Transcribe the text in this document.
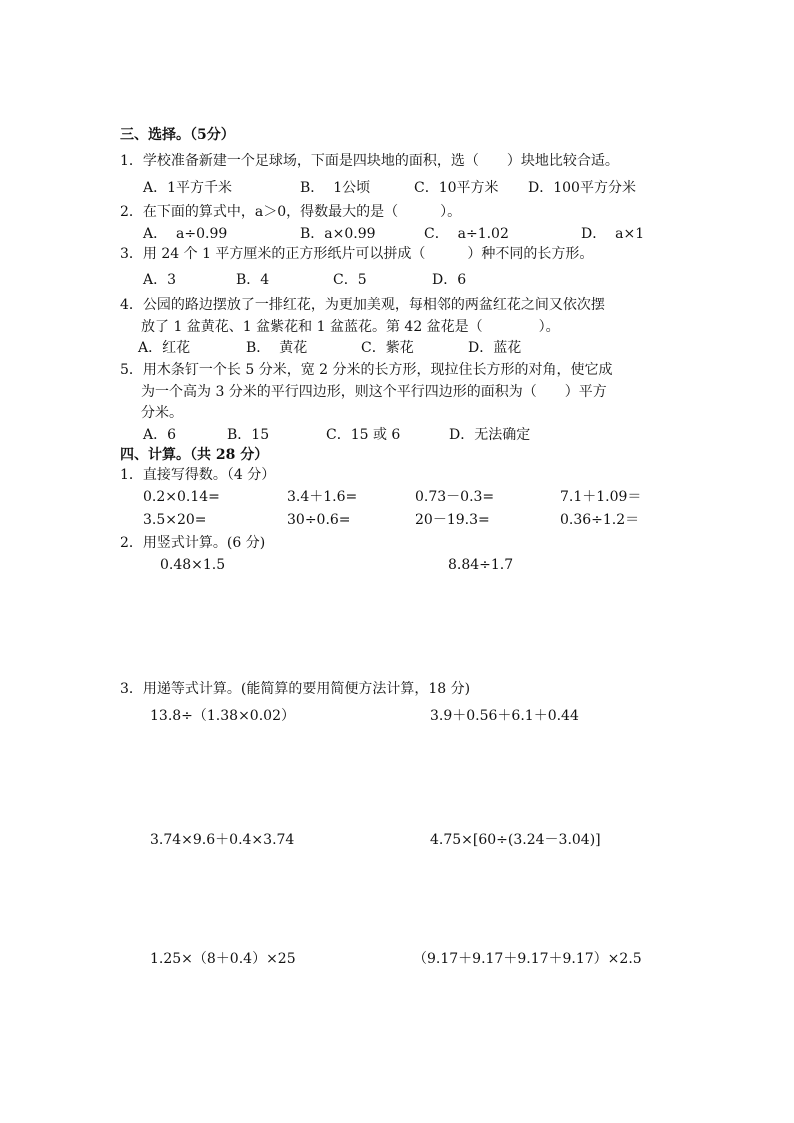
三、选择。（5分）
1．学校准备新建一个足球场，下面是四块地的面积，选（　　）块地比较合适。
A．1平方千米	B．  1公顷	C．10平方米 D．100平方分米
2．在下面的算式中，a＞0，得数最大的是（　　　）。
A．  a÷0.99	B．a×0.99	C．  a÷1.02	D．  a×1
3．用 24 个 1 平方厘米的正方形纸片可以拼成（　　　）种不同的长方形。
A．3	B．4	C．5	D．6
4．公园的路边摆放了一排红花，为更加美观，每相邻的两盆红花之间又依次摆
放了 1 盆黄花、1 盆紫花和 1 盆蓝花。第 42 盆花是（　　　　）。
A．红花	B．  黄花	C．紫花	D．蓝花
5．用木条钉一个长 5 分米，宽 2 分米的长方形，现拉住长方形的对角，使它成
为一个高为 3 分米的平行四边形，则这个平行四边形的面积为（　　）平方
分米。
A．6	B．15	C．15 或 6	D．无法确定
四、计算。（共 28 分）
1．直接写得数。（4 分）
0.2×0.14=	3.4＋1.6=	0.73－0.3=	7.1＋1.09＝
3.5×20=	30÷0.6=	20－19.3=	0.36÷1.2＝
2．用竖式计算。(6 分)
0.48×1.5	8.84÷1.7
3．用递等式计算。(能简算的要用简便方法计算，18 分)
13.8÷（1.38×0.02）	3.9＋0.56＋6.1＋0.44
3.74×9.6＋0.4×3.74	4.75×[60÷(3.24－3.04)]
1.25×（8＋0.4）×25	（9.17＋9.17＋9.17＋9.17）×2.5
